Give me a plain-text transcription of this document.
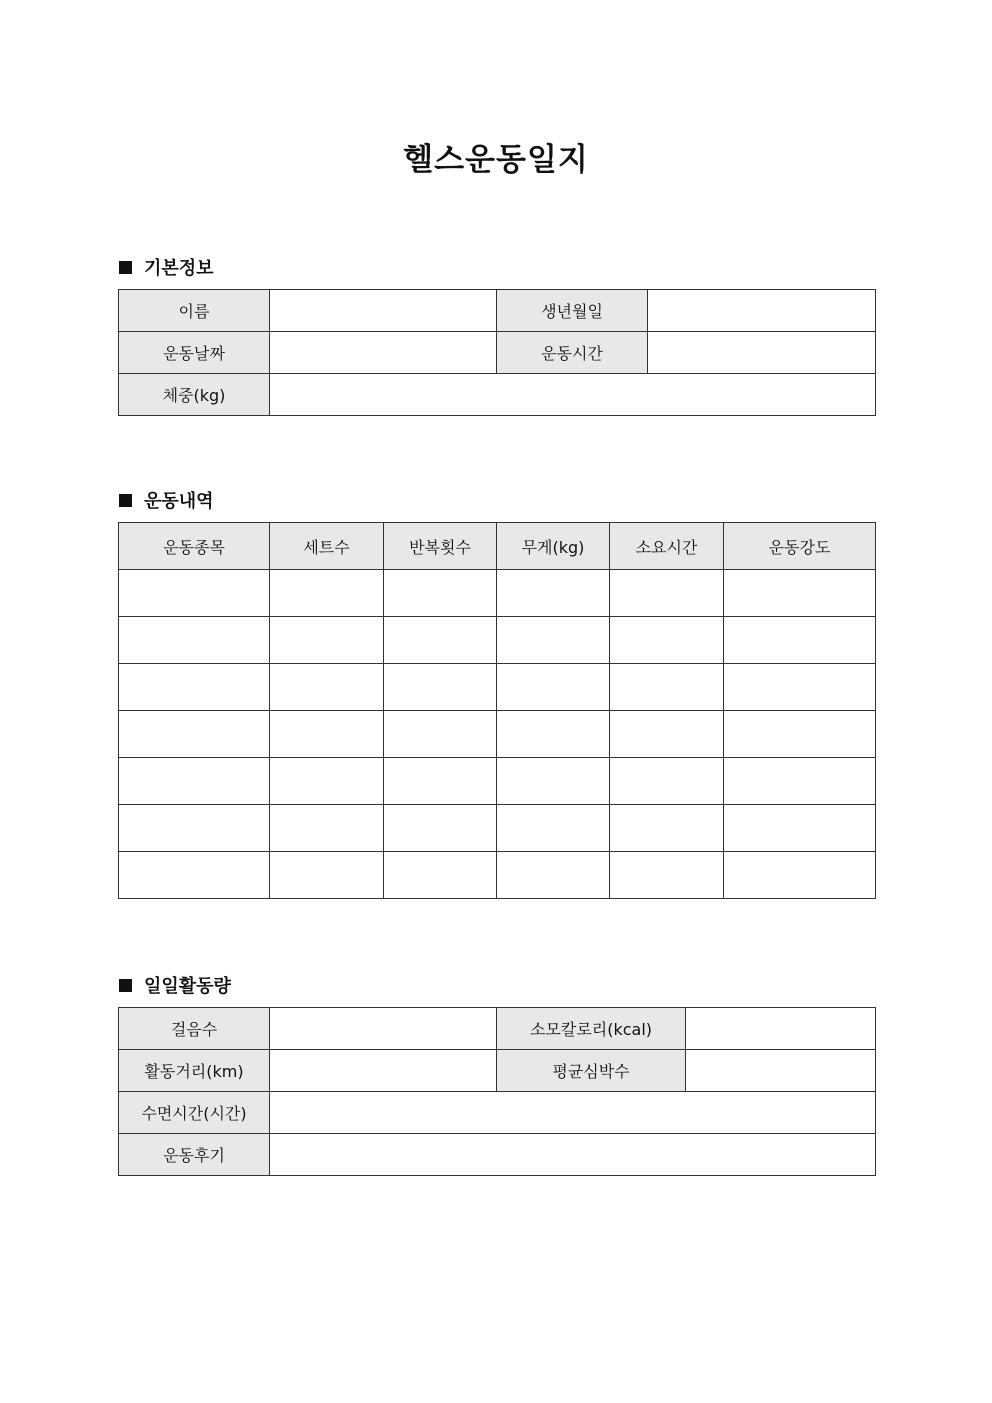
헬스운동일지
기본정보
이름		생년월일	
운동날짜		운동시간	
체중(kg)			
운동내역
운동종목	세트수	반복횟수	무게(kg)	소요시간	운동강도

일일활동량
걸음수		소모칼로리(kcal)	
활동거리(km)		평균심박수	
수면시간(시간)			
운동후기			
